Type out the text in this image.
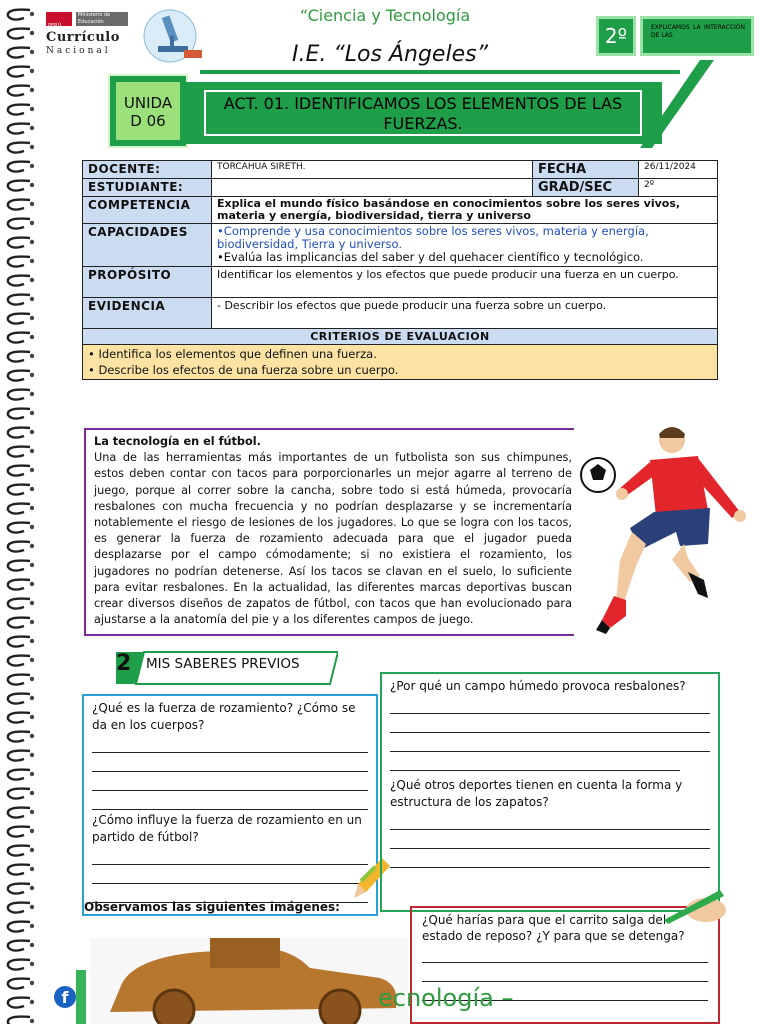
PERÚ
Ministerio de Educación
Currículo
Nacional
“Ciencia y Tecnología
I.E. “Los Ángeles”
2º	EXPLICAMOS LA INTERACCIÓN DE LAS
UNIDA D 06
ACT. 01. IDENTIFICAMOS LOS ELEMENTOS DE LAS FUERZAS.
DOCENTE:	TORCAHUA SIRETH.	FECHA	26/11/2024
ESTUDIANTE:		GRAD/SEC	2º
COMPETENCIA	Explica el mundo físico basándose en conocimientos sobre los seres vivos, materia y energía, biodiversidad, tierra y universo		
CAPACIDADES	•Comprende y usa conocimientos sobre los seres vivos, materia y energía, biodiversidad, Tierra y universo.
•Evalúa las implicancias del saber y del quehacer científico y tecnológico.		

PROPÓSITO	Identificar los elementos y los efectos que puede producir una fuerza en un cuerpo.		
EVIDENCIA	- Describir los efectos que puede producir una fuerza sobre un cuerpo.		
CRITERIOS DE EVALUACION			

• Identifica los elementos que definen una fuerza.
• Describe los efectos de una fuerza sobre un cuerpo.			
La tecnología en el fútbol.
Una de las herramientas más importantes de un futbolista son sus chimpunes, estos deben contar con tacos para porporcionarles un mejor agarre al terreno de juego, porque al correr sobre la cancha, sobre todo si está húmeda, provocaría resbalones con mucha frecuencia y no podrían desplazarse y se incrementaría notablemente el riesgo de lesiones de los jugadores. Lo que se logra con los tacos, es generar la fuerza de rozamiento adecuada para que el jugador pueda desplazarse por el campo cómodamente; si no existiera el rozamiento, los jugadores no podrían detenerse. Así los tacos se clavan en el suelo, lo suficiente para evitar resbalones. En la actualidad, las diferentes marcas deportivas buscan crear diversos diseños de zapatos de fútbol, con tacos que han evolucionado para ajustarse a la anatomía del pie y a los diferentes campos de juego.
2 MIS SABERES PREVIOS
¿Qué es la fuerza de rozamiento? ¿Cómo se da en los cuerpos?
¿Cómo influye la fuerza de rozamiento en un partido de fútbol?
¿Por qué un campo húmedo provoca resbalones?
¿Qué otros deportes tienen en cuenta la forma y estructura de los zapatos?
Observamos las siguientes imágenes:
¿Qué harías para que el carrito salga del estado de reposo? ¿Y para que se detenga?
f	ecnología –
